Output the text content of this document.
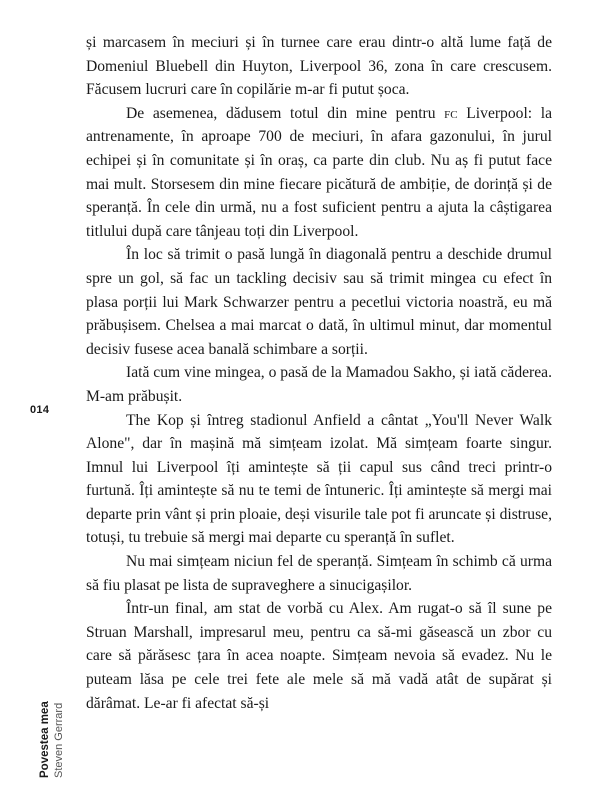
și marcasem în meciuri și în turnee care erau dintr-o altă lume față de Domeniul Bluebell din Huyton, Liverpool 36, zona în care crescusem. Făcusem lucruri care în copilărie m-ar fi putut șoca.

De asemenea, dădusem totul din mine pentru fc Liverpool: la antrenamente, în aproape 700 de meciuri, în afara gazonului, în jurul echipei și în comunitate și în oraș, ca parte din club. Nu aș fi putut face mai mult. Storsesem din mine fiecare picătură de ambiție, de dorință și de speranță. În cele din urmă, nu a fost suficient pentru a ajuta la câștigarea titlului după care tânjeau toți din Liverpool.

În loc să trimit o pasă lungă în diagonală pentru a deschide drumul spre un gol, să fac un tackling decisiv sau să trimit mingea cu efect în plasa porții lui Mark Schwarzer pentru a pecetlui victoria noastră, eu mă prăbușisem. Chelsea a mai marcat o dată, în ultimul minut, dar momentul decisiv fusese acea banală schimbare a sorții.

Iată cum vine mingea, o pasă de la Mamadou Sakho, și iată căderea. M-am prăbușit.

The Kop și întreg stadionul Anfield a cântat „You'll Never Walk Alone", dar în mașină mă simțeam izolat. Mă simțeam foarte singur. Imnul lui Liverpool îți amintește să ții capul sus când treci printr-o furtună. Îți amintește să nu te temi de întuneric. Îți amintește să mergi mai departe prin vânt și prin ploaie, deși visurile tale pot fi aruncate și distruse, totuși, tu trebuie să mergi mai departe cu speranță în suflet.

Nu mai simțeam niciun fel de speranță. Simțeam în schimb că urma să fiu plasat pe lista de supraveghere a sinucigașilor.

Într-un final, am stat de vorbă cu Alex. Am rugat-o să îl sune pe Struan Marshall, impresarul meu, pentru ca să-mi găsească un zbor cu care să părăsesc țara în acea noapte. Simțeam nevoia să evadez. Nu le puteam lăsa pe cele trei fete ale mele să mă vadă atât de supărat și dărâmat. Le-ar fi afectat să-și

014
Povestea mea Steven Gerrard
